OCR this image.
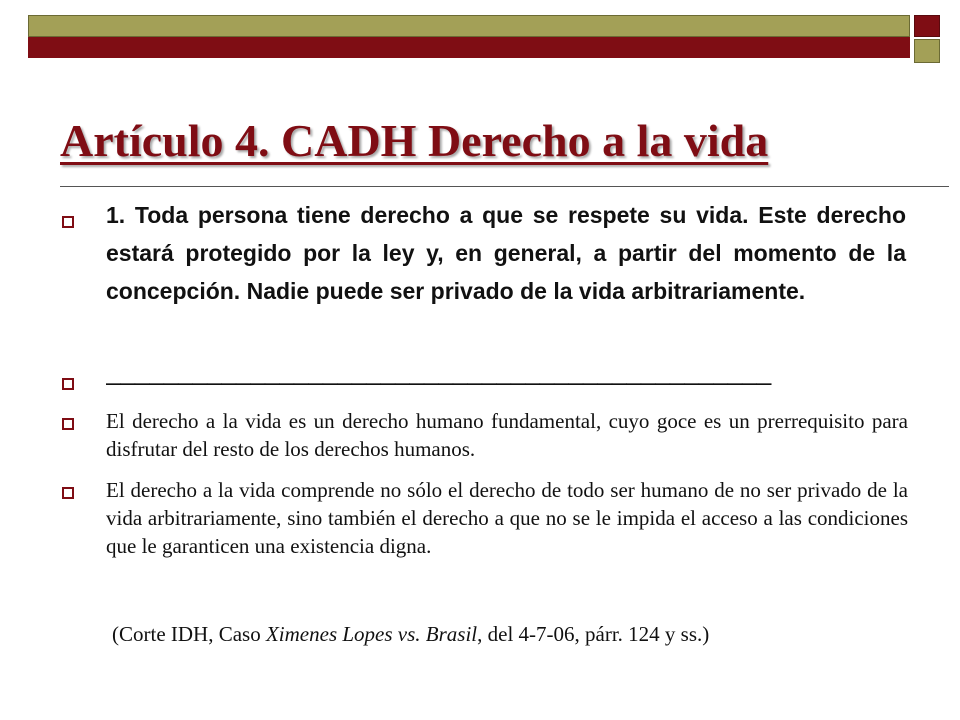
Artículo 4. CADH Derecho a la vida

1. Toda persona tiene derecho a que se respete su vida. Este derecho estará protegido por la ley y, en general, a partir del momento de la concepción. Nadie puede ser privado de la vida arbitrariamente.

______________________________________________

El derecho a la vida es un derecho humano fundamental, cuyo goce es un prerrequisito para disfrutar del resto de los derechos humanos.

El derecho a la vida comprende no sólo el derecho de todo ser humano de no ser privado de la vida arbitrariamente, sino también el derecho a que no se le impida el acceso a las condiciones que le garanticen una existencia digna.

(Corte IDH, Caso Ximenes Lopes vs. Brasil, del 4-7-06, párr. 124 y ss.)
